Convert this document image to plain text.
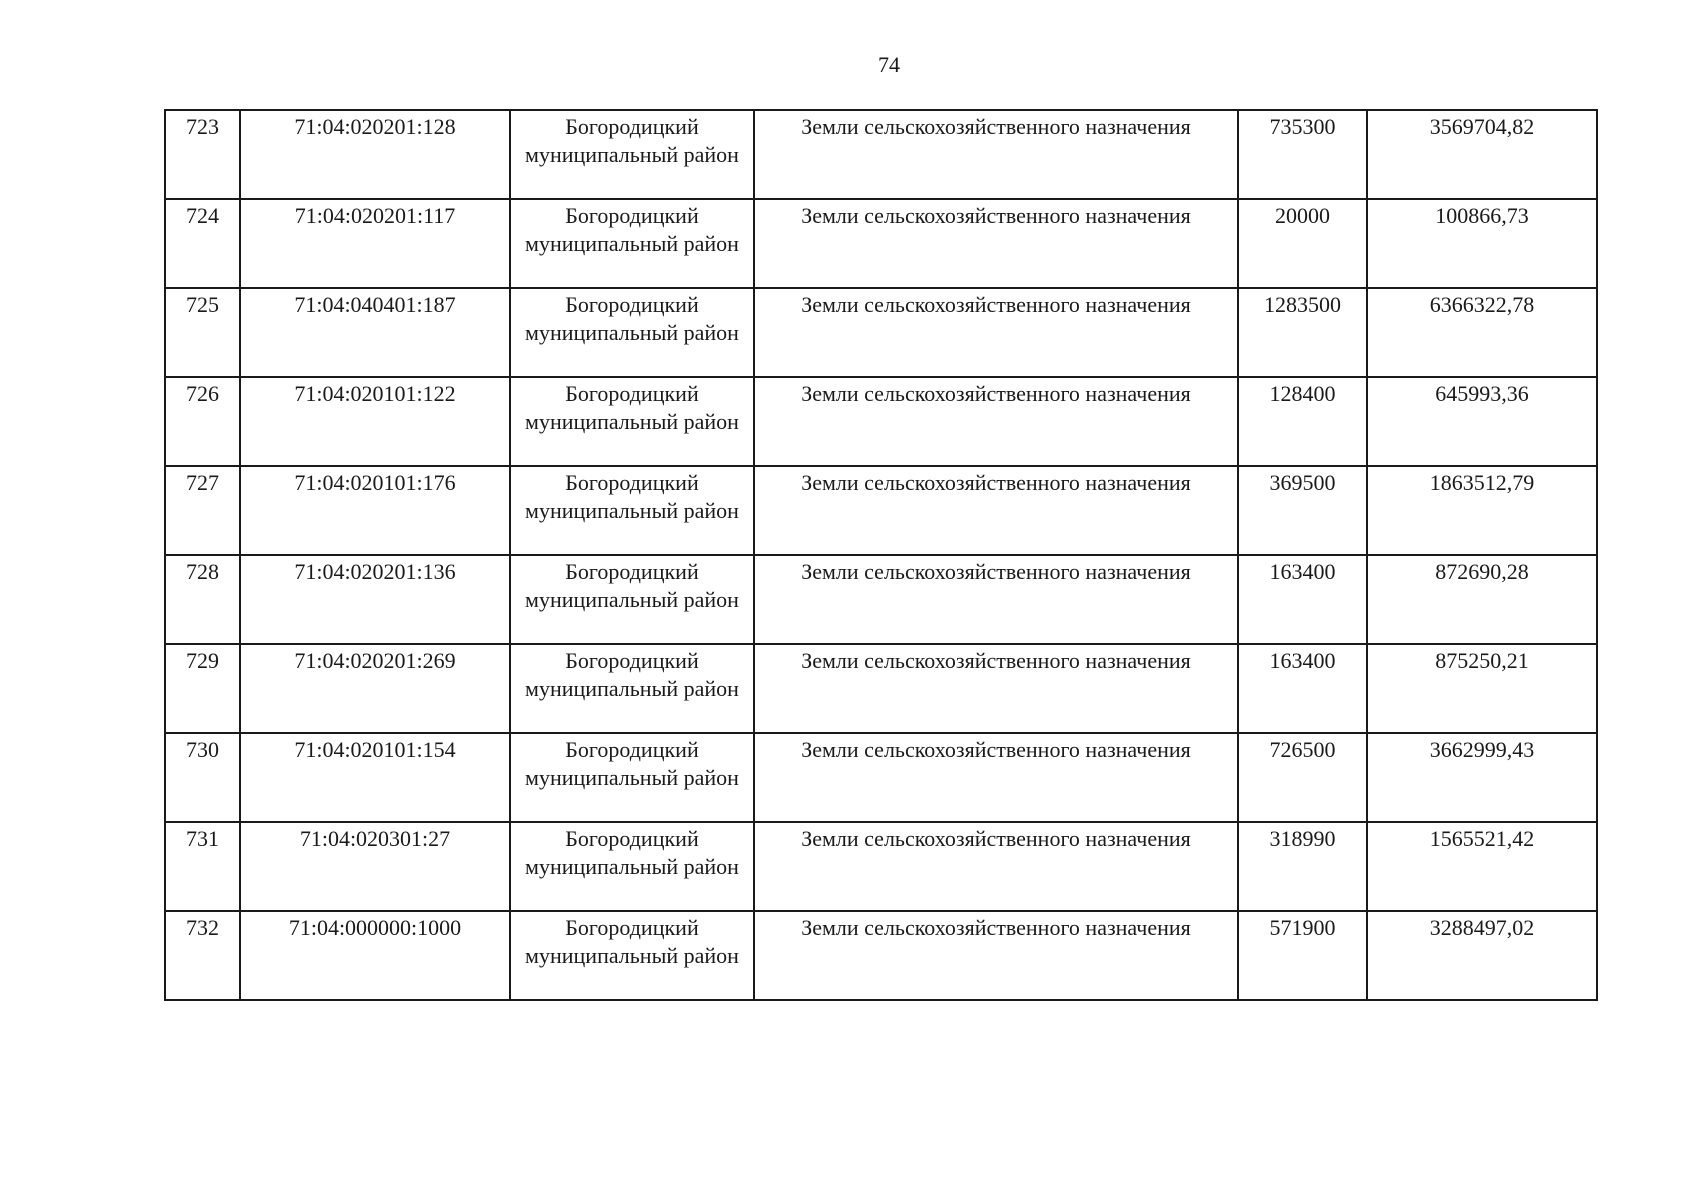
74
723	71:04:020201:128	Богородицкий муниципальный район	Земли сельскохозяйственного назначения	735300	3569704,82
724	71:04:020201:117	Богородицкий муниципальный район	Земли сельскохозяйственного назначения	20000	100866,73
725	71:04:040401:187	Богородицкий муниципальный район	Земли сельскохозяйственного назначения	1283500	6366322,78
726	71:04:020101:122	Богородицкий муниципальный район	Земли сельскохозяйственного назначения	128400	645993,36
727	71:04:020101:176	Богородицкий муниципальный район	Земли сельскохозяйственного назначения	369500	1863512,79
728	71:04:020201:136	Богородицкий муниципальный район	Земли сельскохозяйственного назначения	163400	872690,28
729	71:04:020201:269	Богородицкий муниципальный район	Земли сельскохозяйственного назначения	163400	875250,21
730	71:04:020101:154	Богородицкий муниципальный район	Земли сельскохозяйственного назначения	726500	3662999,43
731	71:04:020301:27	Богородицкий муниципальный район	Земли сельскохозяйственного назначения	318990	1565521,42
732	71:04:000000:1000	Богородицкий муниципальный район	Земли сельскохозяйственного назначения	571900	3288497,02
